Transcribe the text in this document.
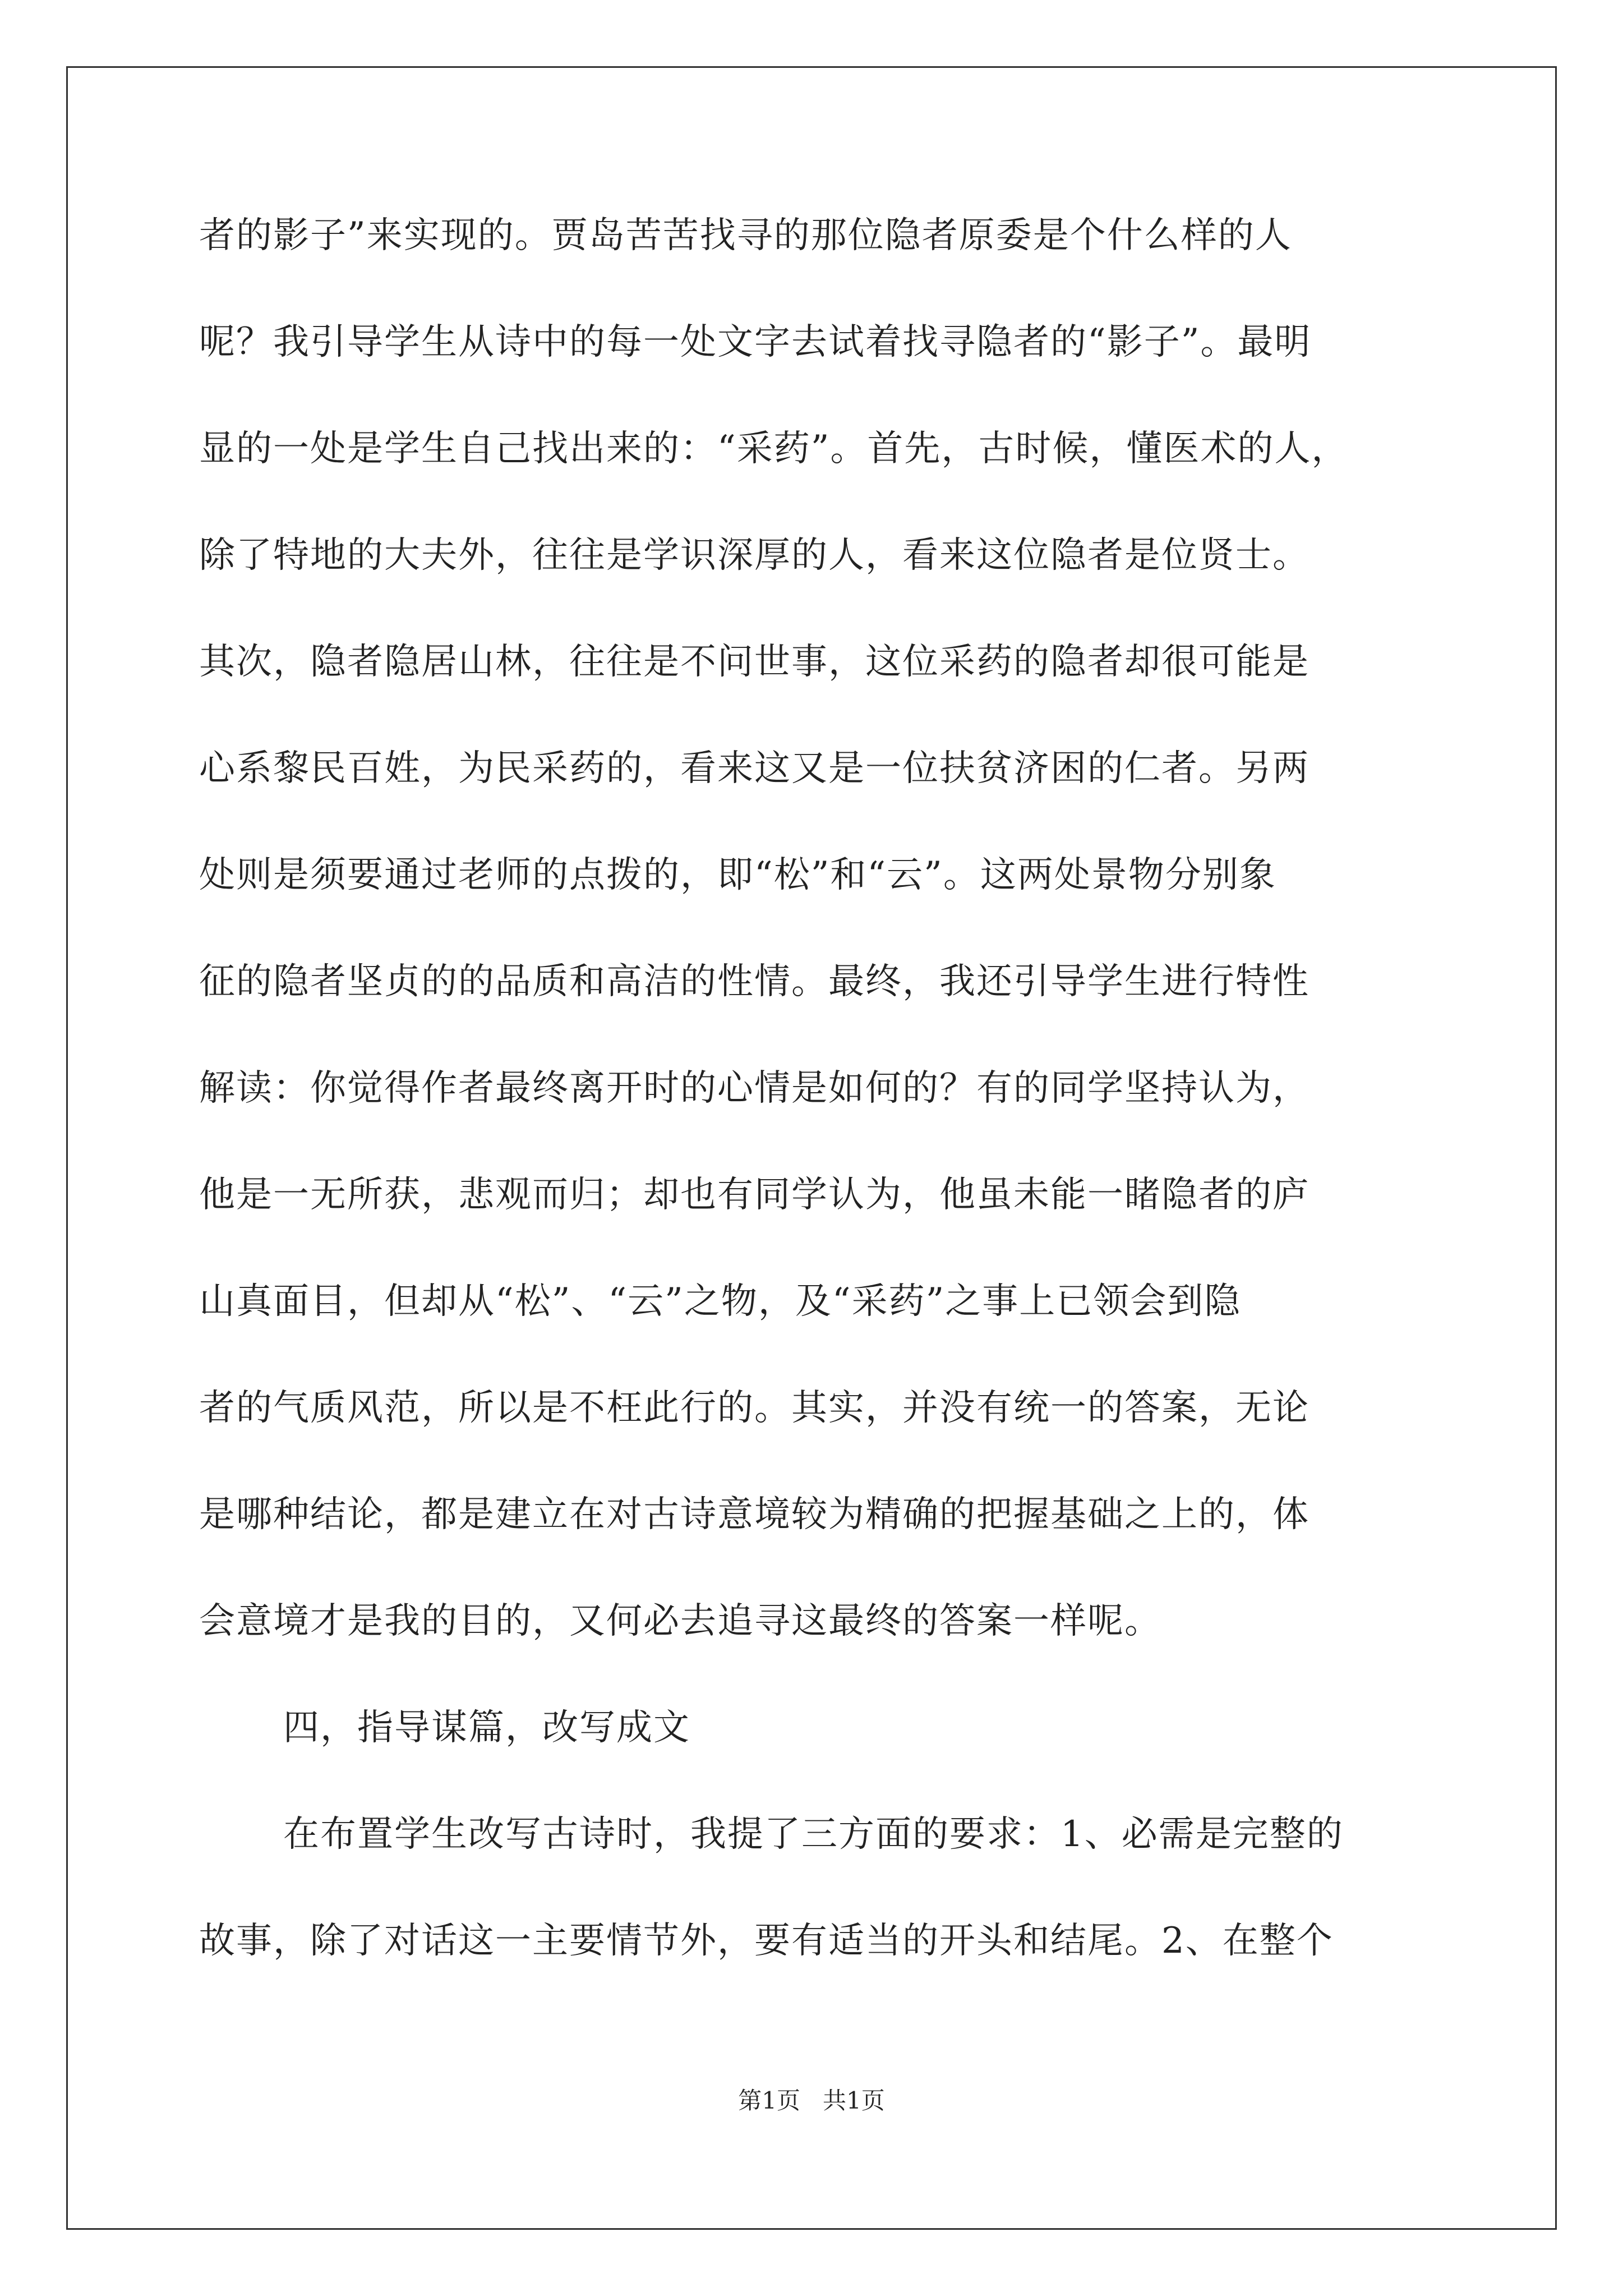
者的影子”来实现的。贾岛苦苦找寻的那位隐者原委是个什么样的人
呢？我引导学生从诗中的每一处文字去试着找寻隐者的“影子”。最明
显的一处是学生自己找出来的：“采药”。首先，古时候，懂医术的人，
除了特地的大夫外，往往是学识深厚的人，看来这位隐者是位贤士。
其次，隐者隐居山林，往往是不问世事，这位采药的隐者却很可能是
心系黎民百姓，为民采药的，看来这又是一位扶贫济困的仁者。另两
处则是须要通过老师的点拨的，即“松”和“云”。这两处景物分别象
征的隐者坚贞的的品质和高洁的性情。最终，我还引导学生进行特性
解读：你觉得作者最终离开时的心情是如何的？有的同学坚持认为，
他是一无所获，悲观而归；却也有同学认为，他虽未能一睹隐者的庐
山真面目，但却从“松”、“云”之物，及“采药”之事上已领会到隐
者的气质风范，所以是不枉此行的。其实，并没有统一的答案，无论
是哪种结论，都是建立在对古诗意境较为精确的把握基础之上的，体
会意境才是我的目的，又何必去追寻这最终的答案一样呢。
四，指导谋篇，改写成文
在布置学生改写古诗时，我提了三方面的要求：1、必需是完整的
故事，除了对话这一主要情节外，要有适当的开头和结尾。2、在整个
第1页 共1页
